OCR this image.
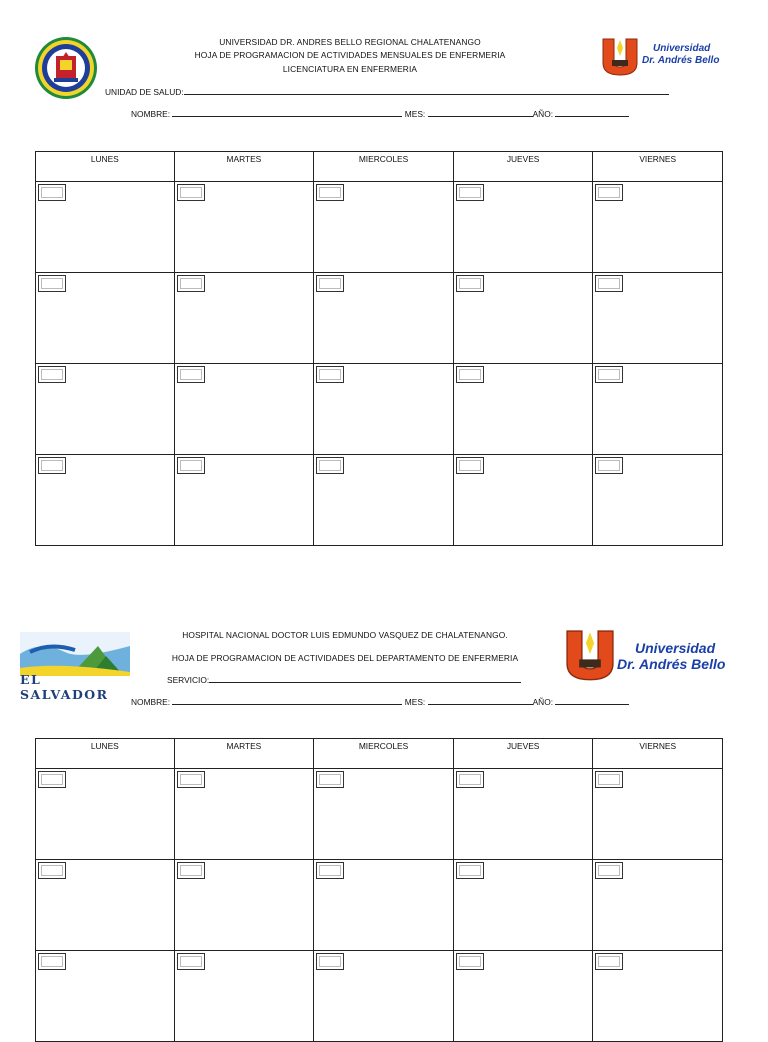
UNIVERSIDAD DR. ANDRES BELLO REGIONAL CHALATENANGO
HOJA DE PROGRAMACION DE ACTIVIDADES MENSUALES DE ENFERMERIA
LICENCIATURA EN ENFERMERIA
Universidad
Dr. Andrés Bello
UNIDAD DE SALUD:
NOMBRE:	MES:	AÑO:
LUNES	MARTES	MIERCOLES	JUEVES	VIERNES

EL SALVADOR
HOSPITAL NACIONAL DOCTOR LUIS EDMUNDO VASQUEZ DE CHALATENANGO.
HOJA DE PROGRAMACION DE ACTIVIDADES DEL DEPARTAMENTO DE ENFERMERIA
SERVICIO:
Universidad
Dr. Andrés Bello
NOMBRE:	MES:	AÑO:
LUNES	MARTES	MIERCOLES	JUEVES	VIERNES
